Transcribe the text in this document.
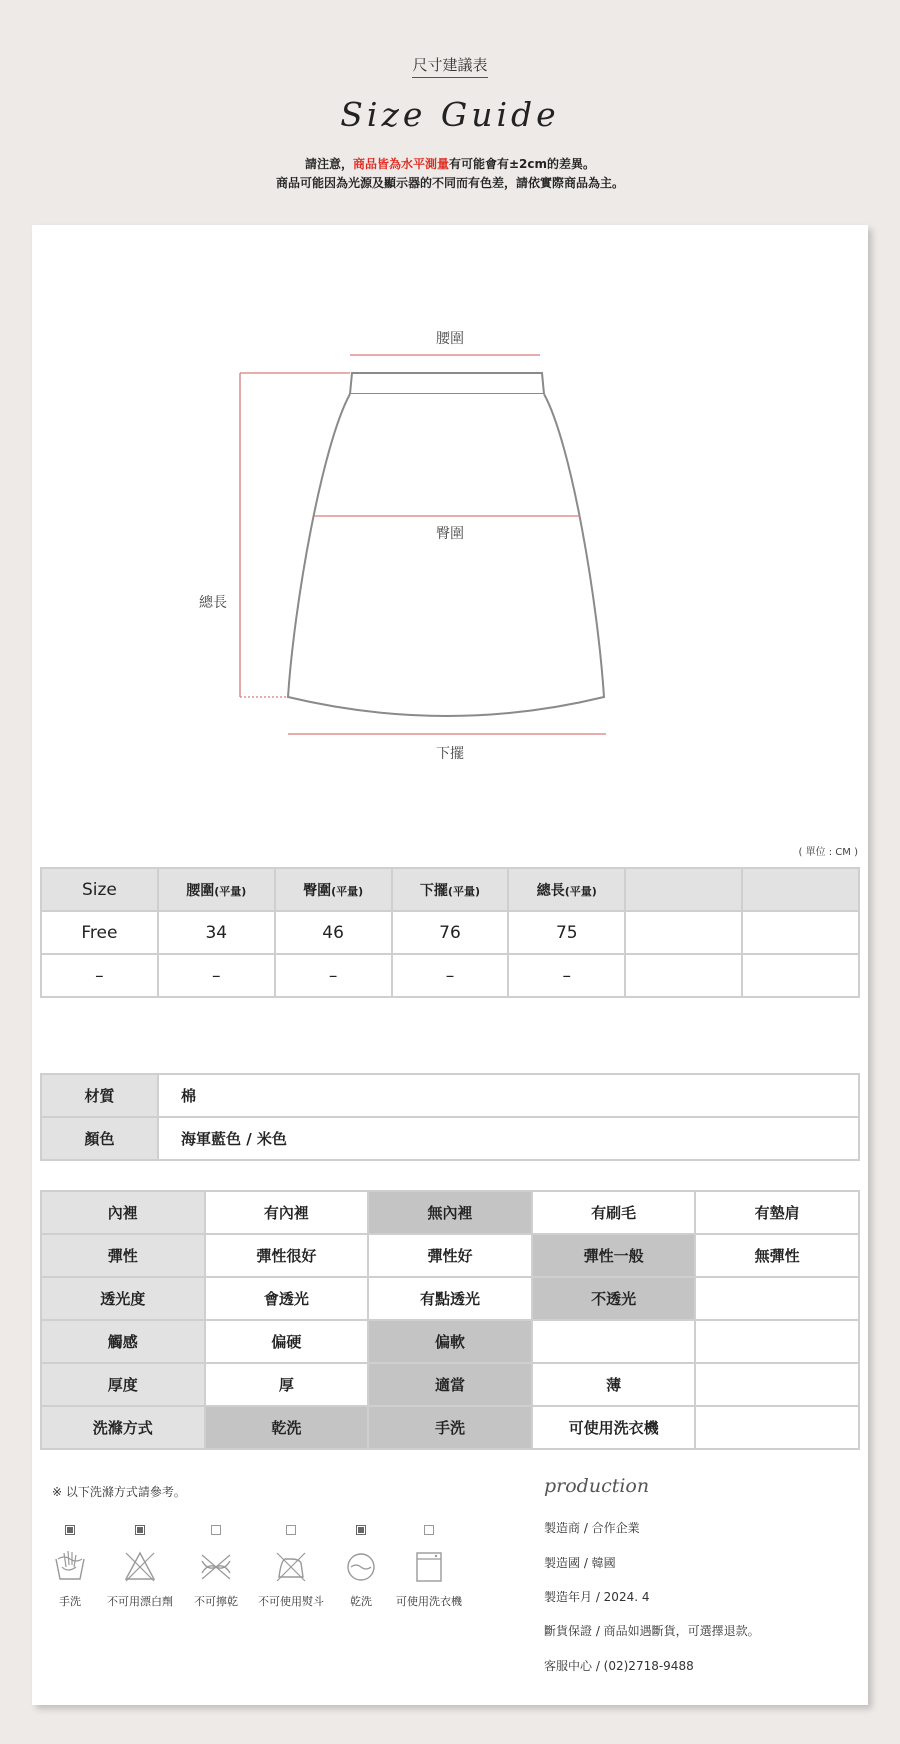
尺寸建議表
Size Guide
請注意，商品皆為水平測量有可能會有±2cm的差異。
商品可能因為光源及顯示器的不同而有色差，請依實際商品為主。
腰圍
臀圍
總長
下擺
( 單位 : CM )
Size	腰圍(平量)	臀圍(平量)	下擺(平量)	總長(平量)		
Free	34	46	76	75		
–	–	–	–	–		
材質	棉
顏色	海軍藍色 / 米色
內裡	有內裡	無內裡	有刷毛	有墊肩
彈性	彈性很好	彈性好	彈性一般	無彈性
透光度	會透光	有點透光	不透光	
觸感	偏硬	偏軟		
厚度	厚	適當	薄	
洗滌方式	乾洗	手洗	可使用洗衣機	
※ 以下洗滌方式請參考。
手洗	不可用漂白劑	不可擰乾	不可使用熨斗	乾洗	可使用洗衣機
production
製造商 / 合作企業
製造國 / 韓國
製造年月 / 2024. 4
斷貨保證 / 商品如遇斷貨，可選擇退款。
客服中心 / (02)2718-9488
